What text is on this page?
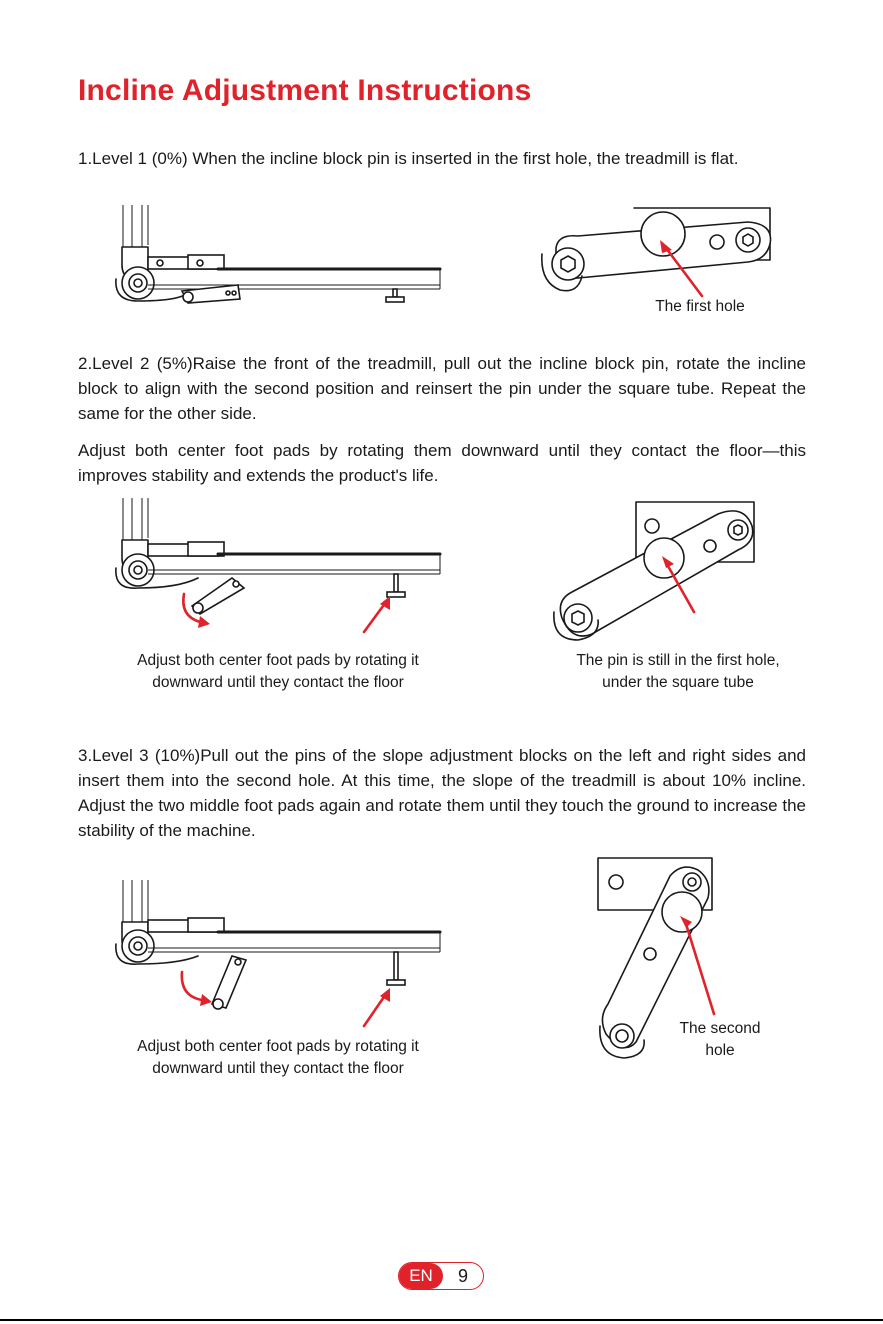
Incline Adjustment Instructions

1.Level 1 (0%) When the incline block pin is inserted in the first hole, the treadmill is flat.

The first hole

2.Level 2 (5%)Raise the front of the treadmill, pull out the incline block pin, rotate the incline block to align with the second position and reinsert the pin under the square tube. Repeat the same for the other side.

Adjust both center foot pads by rotating them downward until they contact the floor—this improves stability and extends the product's life.

Adjust both center foot pads by rotating it

downward until they contact the floor

The pin is still in the first hole,

under the square tube

3.Level 3 (10%)Pull out the pins of the slope adjustment blocks on the left and right sides and insert them into the second hole. At this time, the slope of the treadmill is about 10% incline. Adjust the two middle foot pads again and rotate them until they touch the ground to increase the stability of the machine.

Adjust both center foot pads by rotating it

downward until they contact the floor

The second

hole

EN	9
